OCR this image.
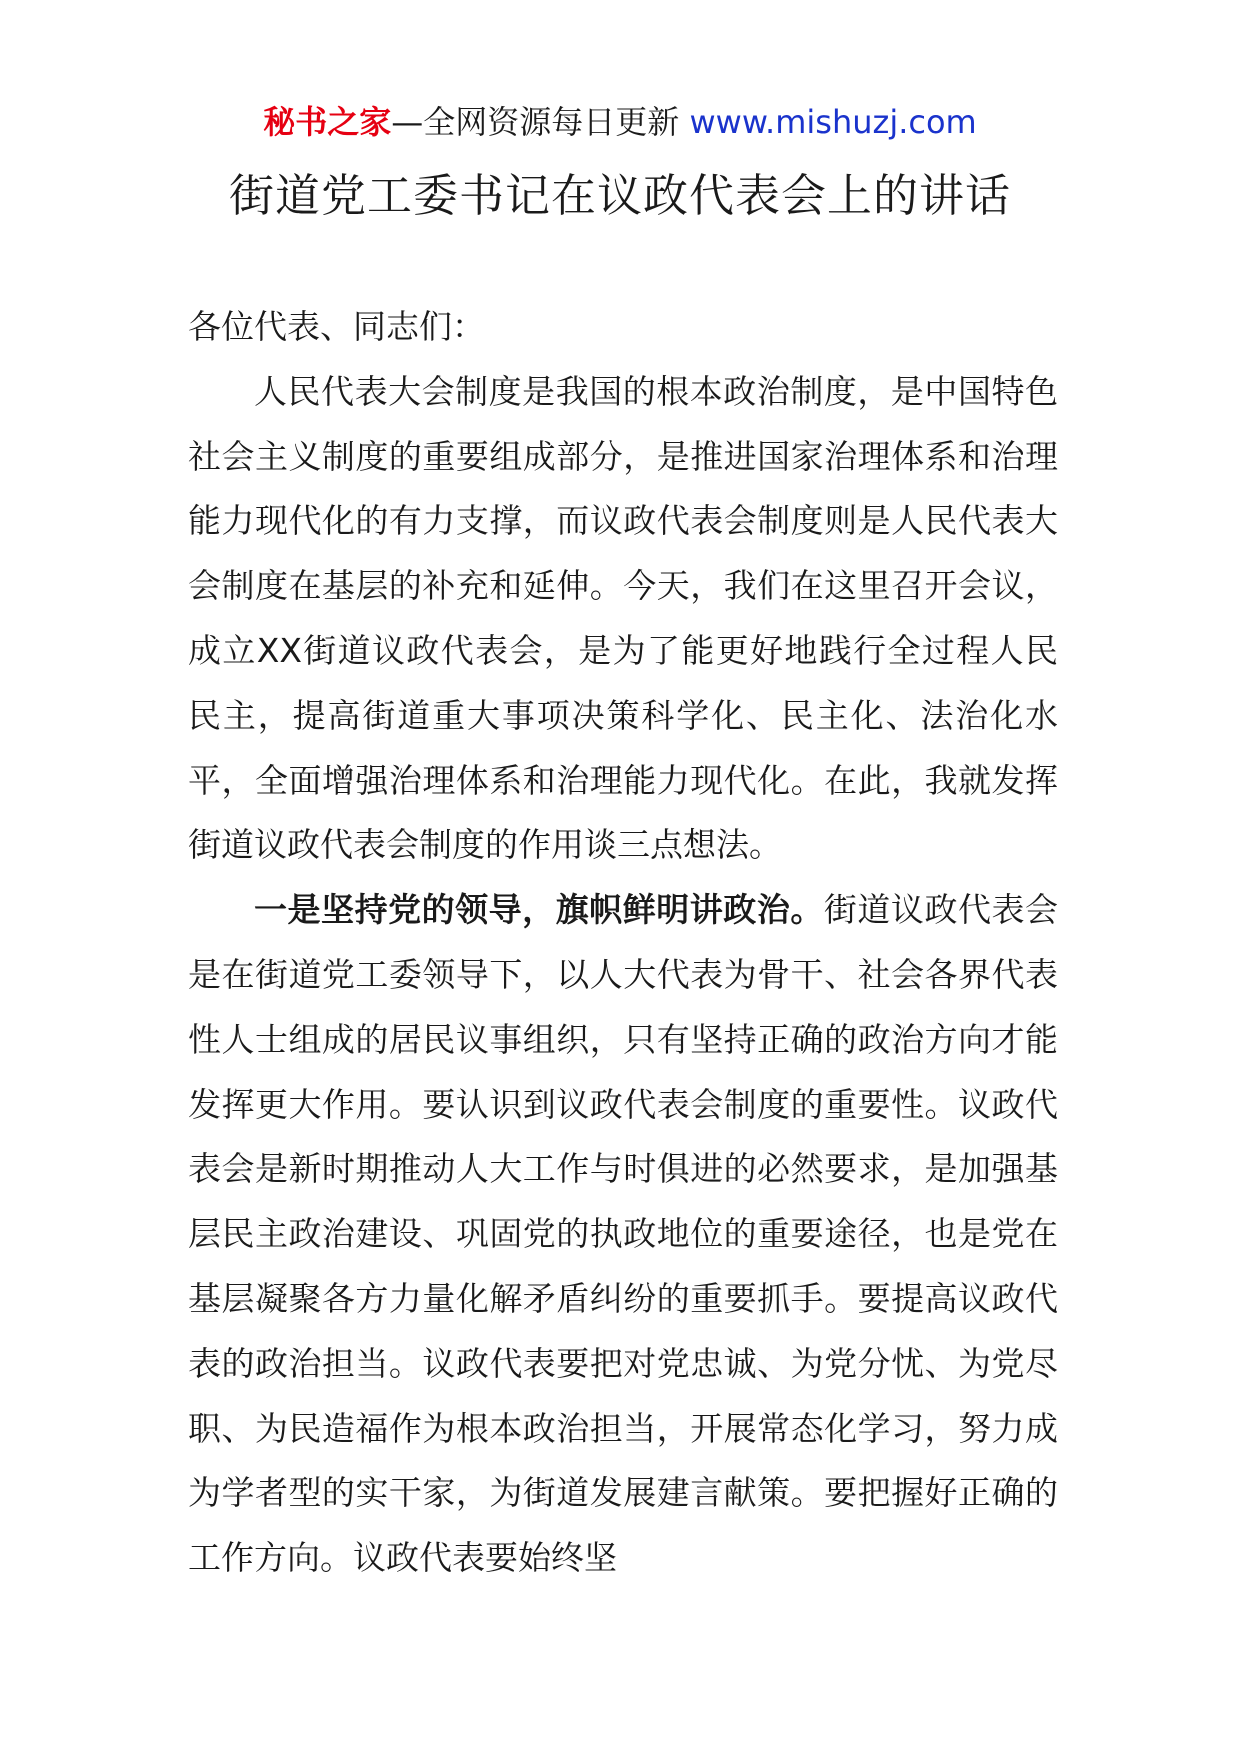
秘书之家—全网资源每日更新 www.mishuzj.com
街道党工委书记在议政代表会上的讲话

各位代表、同志们：

人民代表大会制度是我国的根本政治制度，是中国特色社会主义制度的重要组成部分，是推进国家治理体系和治理能力现代化的有力支撑，而议政代表会制度则是人民代表大会制度在基层的补充和延伸。今天，我们在这里召开会议，成立XX街道议政代表会，是为了能更好地践行全过程人民民主，提高街道重大事项决策科学化、民主化、法治化水平，全面增强治理体系和治理能力现代化。在此，我就发挥街道议政代表会制度的作用谈三点想法。

一是坚持党的领导，旗帜鲜明讲政治。街道议政代表会是在街道党工委领导下，以人大代表为骨干、社会各界代表性人士组成的居民议事组织，只有坚持正确的政治方向才能发挥更大作用。要认识到议政代表会制度的重要性。议政代表会是新时期推动人大工作与时俱进的必然要求，是加强基层民主政治建设、巩固党的执政地位的重要途径，也是党在基层凝聚各方力量化解矛盾纠纷的重要抓手。要提高议政代表的政治担当。议政代表要把对党忠诚、为党分忧、为党尽职、为民造福作为根本政治担当，开展常态化学习，努力成为学者型的实干家，为街道发展建言献策。要把握好正确的工作方向。议政代表要始终坚
